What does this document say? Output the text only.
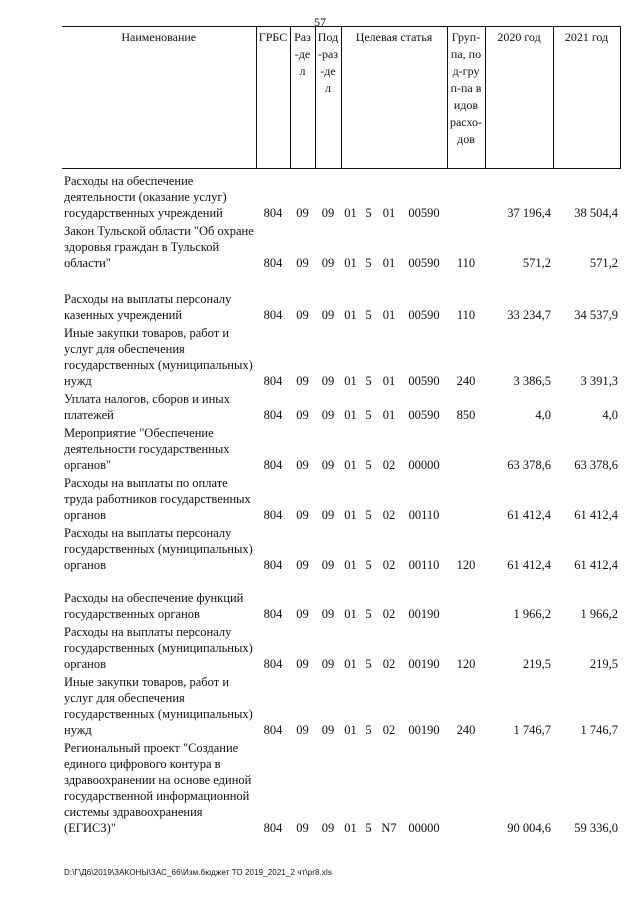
57
Наименование	ГРБС	Раз-дел	Под-раз-дел	Целевая статья				Груп-па, под-груп-па видов расхо-дов	2020 год	2021 год
Расходы на обеспечение деятельности (оказание услуг) государственных учреждений	804	09	09	01	5	01	00590		37 196,4	38 504,4
Закон Тульской области "Об охране здоровья граждан в Тульской области"	804	09	09	01	5	01	00590	110	571,2	571,2
Расходы на выплаты персоналу казенных учреждений	804	09	09	01	5	01	00590	110	33 234,7	34 537,9
Иные закупки товаров, работ и услуг для обеспечения государственных (муниципальных) нужд	804	09	09	01	5	01	00590	240	3 386,5	3 391,3
Уплата налогов, сборов и иных платежей	804	09	09	01	5	01	00590	850	4,0	4,0
Мероприятие "Обеспечение деятельности государственных органов"	804	09	09	01	5	02	00000		63 378,6	63 378,6
Расходы на выплаты по оплате труда работников государственных органов	804	09	09	01	5	02	00110		61 412,4	61 412,4
Расходы на выплаты персоналу государственных (муниципальных) органов	804	09	09	01	5	02	00110	120	61 412,4	61 412,4
Расходы на обеспечение функций государственных органов	804	09	09	01	5	02	00190		1 966,2	1 966,2
Расходы на выплаты персоналу государственных (муниципальных) органов	804	09	09	01	5	02	00190	120	219,5	219,5
Иные закупки товаров, работ и услуг для обеспечения государственных (муниципальных) нужд	804	09	09	01	5	02	00190	240	1 746,7	1 746,7
Региональный проект "Создание единого цифрового контура в здравоохранении на основе единой государственной информационной системы здравоохранения (ЕГИСЗ)"	804	09	09	01	5	N7	00000		90 004,6	59 336,0
D:\Г\Д6\2019\ЗАКОНЫ\ЗАС_66\Изм.бюджет ТО 2019_2021_2 чт\pr8.xls
